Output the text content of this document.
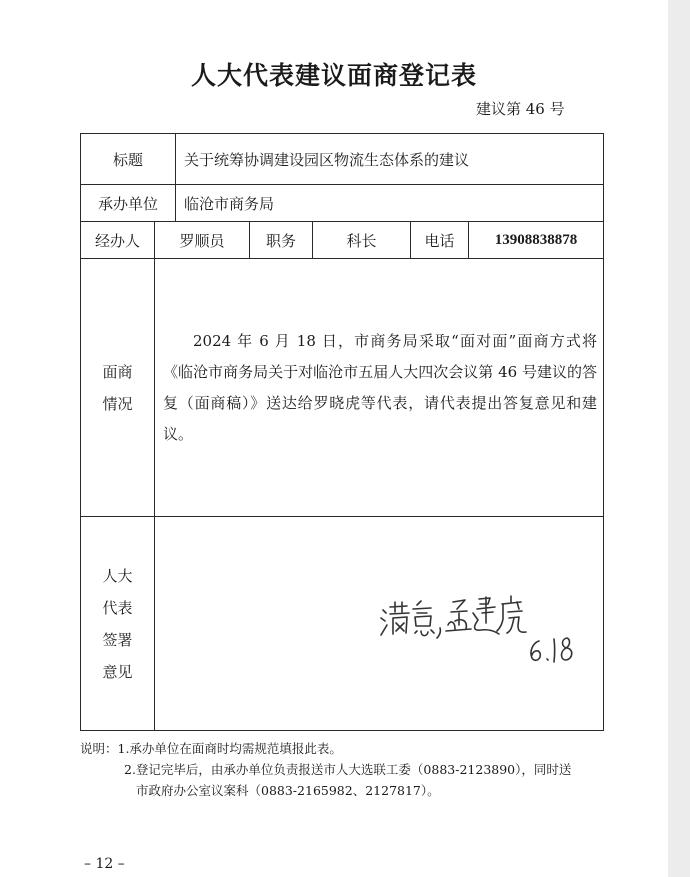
人大代表建议面商登记表
建议第 46 号
标题		关于统筹协调建设园区物流生态体系的建议				
承办单位		临沧市商务局				
经办人	罗顺员		职务	科长	电话	13908838878

面商
情况	2024 年 6 月 18 日，市商务局采取“面对面”面商方式将《临沧市商务局关于对临沧市五届人大四次会议第 46 号建议的答复（面商稿）》送达给罗晓虎等代表，请代表提出答复意见和建议。					

人大
代表
签署
意见

说明：1.承办单位在面商时均需规范填报此表。
2.登记完毕后，由承办单位负责报送市人大选联工委（0883-2123890），同时送
市政府办公室议案科（0883-2165982、2127817）。
– 12 –
